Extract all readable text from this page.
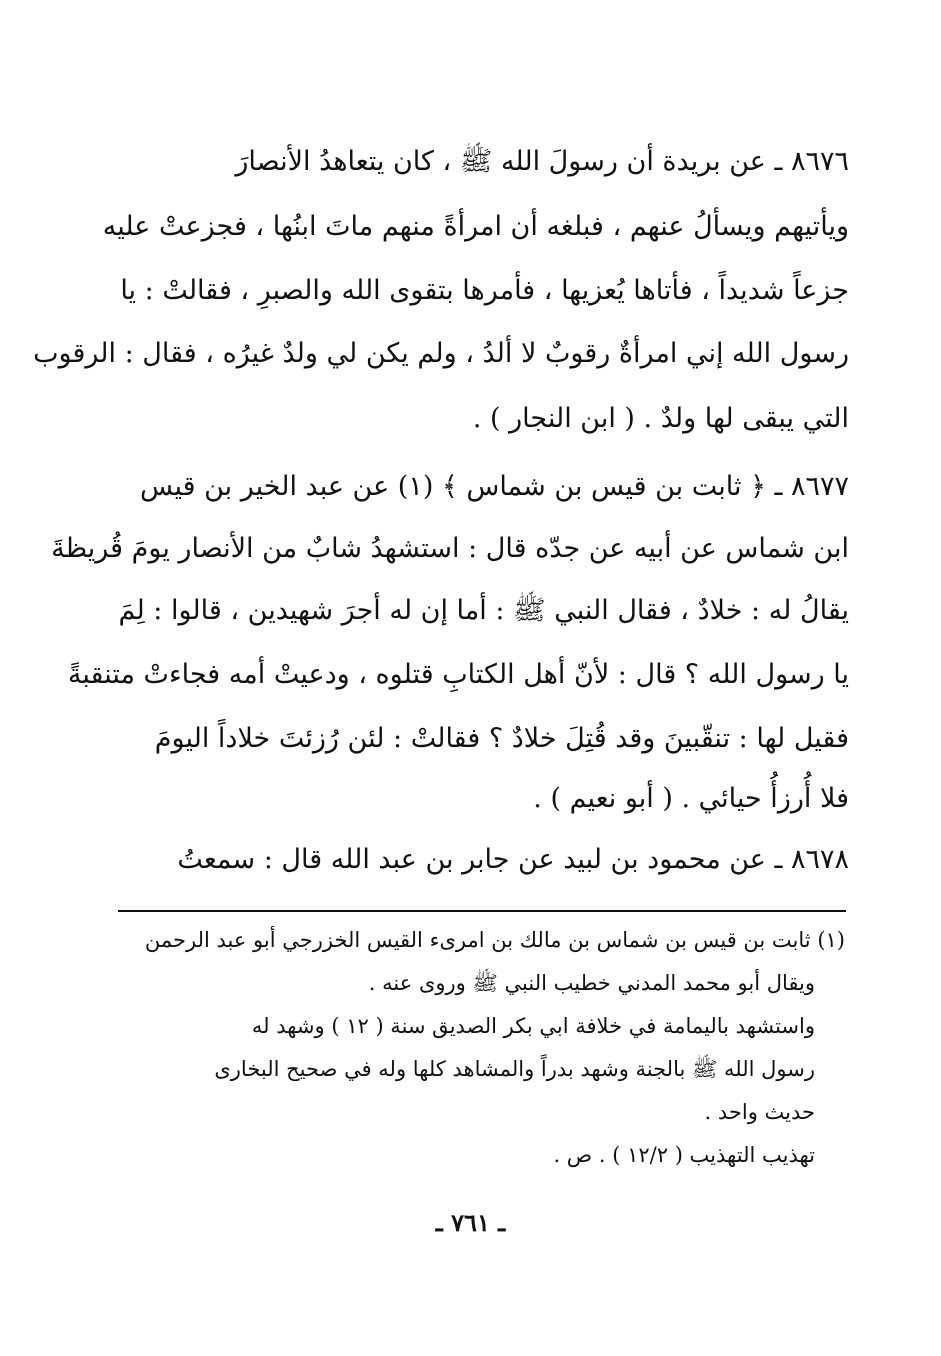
٨٦٧٦ ـ عن بريدة أن رسولَ الله ﷺ ، كان يتعاهدُ الأنصارَ
ويأتيهم ويسألُ عنهم ، فبلغه أن امرأةً منهم ماتَ ابنُها ، فجزعتْ عليه
جزعاً شديداً ، فأتاها يُعزيها ، فأمرها بتقوى الله والصبرِ ، فقالتْ : يا
رسول الله إني امرأةٌ رقوبٌ لا ألدُ ، ولم يكن لي ولدٌ غيرُه ، فقال : الرقوب
التي يبقى لها ولدٌ . ( ابن النجار ) .
٨٦٧٧ ـ ﴿ ثابت بن قيس بن شماس ﴾ (١) عن عبد الخير بن قيس
ابن شماس عن أبيه عن جدّه قال : استشهدُ شابٌ من الأنصار يومَ قُريظةَ
يقالُ له : خلادٌ ، فقال النبي ﷺ : أما إن له أجرَ شهيدين ، قالوا : لِمَ
يا رسول الله ؟ قال : لأنّ أهل الكتابِ قتلوه ، ودعيتْ أمه فجاءتْ متنقبةً
فقيل لها : تنقّبينَ وقد قُتِلَ خلادٌ ؟ فقالتْ : لئن رُزئتَ خلاداً اليومَ
فلا أُرزأُ حيائي . ( أبو نعيم ) .
٨٦٧٨ ـ عن محمود بن لبيد عن جابر بن عبد الله قال : سمعتُ
(١) ثابت بن قيس بن شماس بن مالك بن امرىء القيس الخزرجي أبو عبد الرحمن
ويقال أبو محمد المدني خطيب النبي ﷺ وروى عنه .
واستشهد باليمامة في خلافة ابي بكر الصديق سنة ( ١٢ ) وشهد له
رسول الله ﷺ بالجنة وشهد بدراً والمشاهد كلها وله في صحيح البخارى
حديث واحد .
تهذيب التهذيب ( ١٢/٢ ) . ص .
ـ ٧٦١ ـ
